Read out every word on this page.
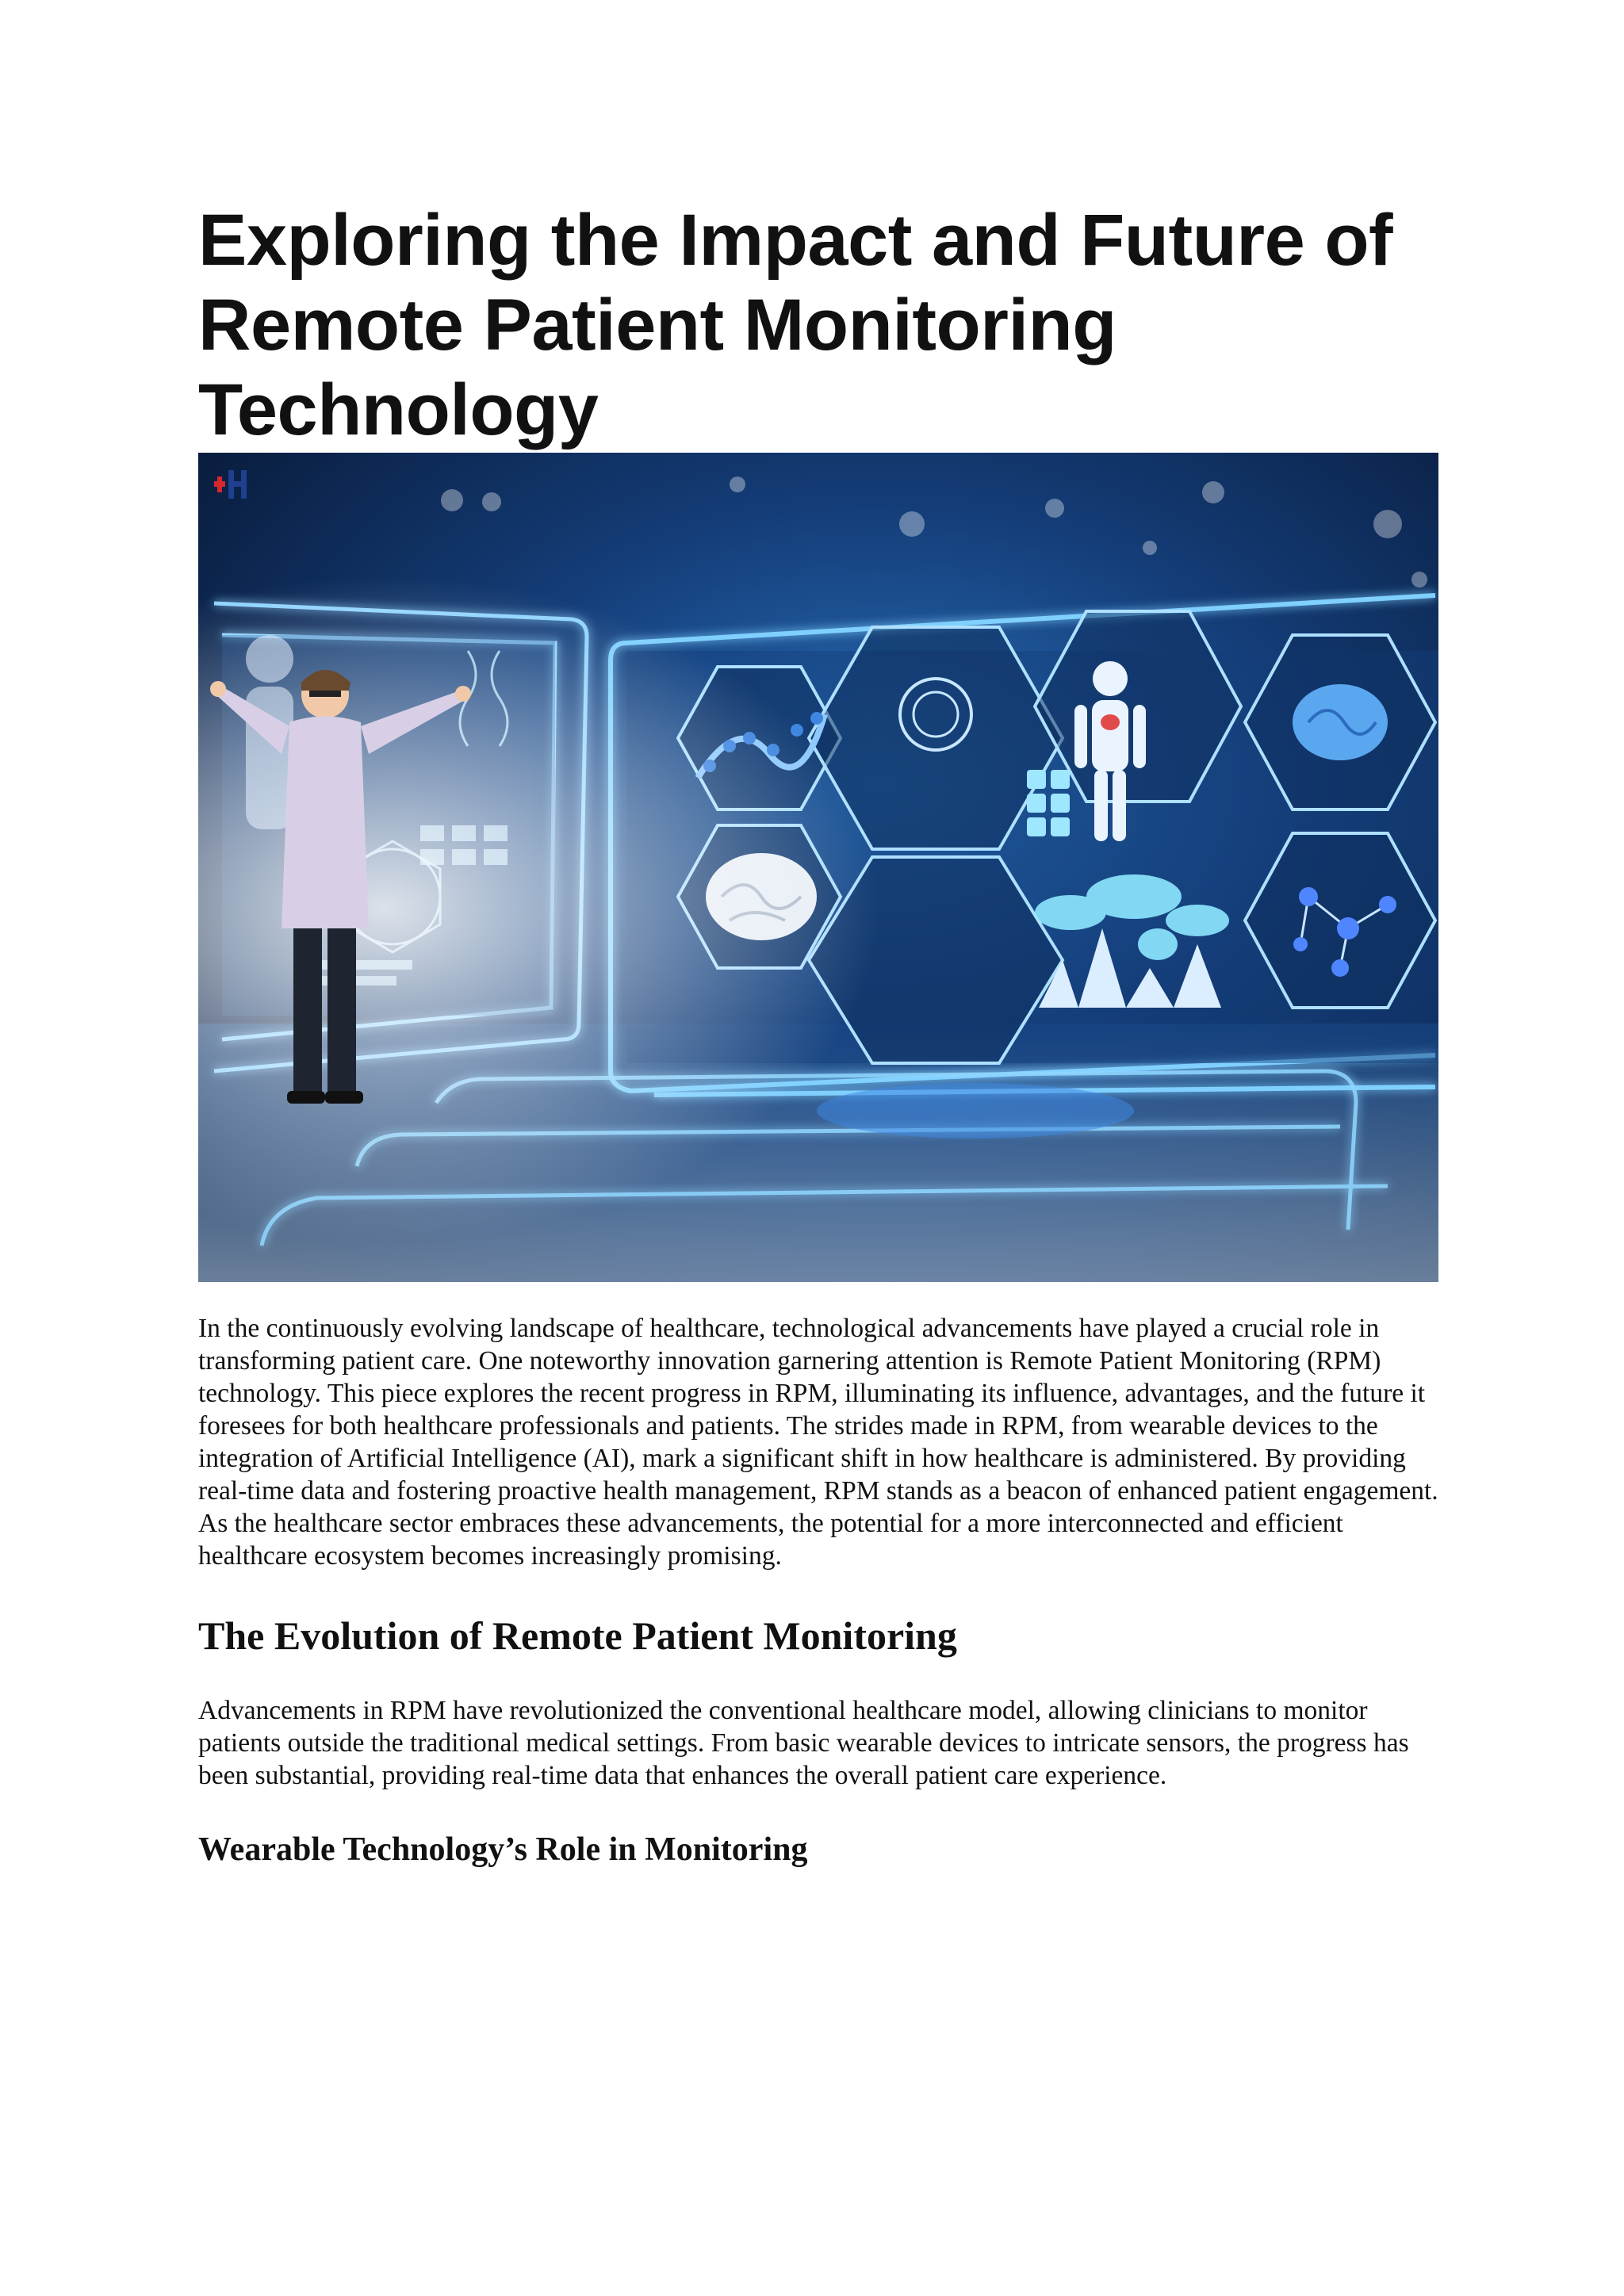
Exploring the Impact and Future of Remote Patient Monitoring Technology

In the continuously evolving landscape of healthcare, technological advancements have played a crucial role in transforming patient care. One noteworthy innovation garnering attention is Remote Patient Monitoring (RPM) technology. This piece explores the recent progress in RPM, illuminating its influence, advantages, and the future it foresees for both healthcare professionals and patients. The strides made in RPM, from wearable devices to the integration of Artificial Intelligence (AI), mark a significant shift in how healthcare is administered. By providing real-time data and fostering proactive health management, RPM stands as a beacon of enhanced patient engagement. As the healthcare sector embraces these advancements, the potential for a more interconnected and efficient healthcare ecosystem becomes increasingly promising.

The Evolution of Remote Patient Monitoring

Advancements in RPM have revolutionized the conventional healthcare model, allowing clinicians to monitor patients outside the traditional medical settings. From basic wearable devices to intricate sensors, the progress has been substantial, providing real-time data that enhances the overall patient care experience.

Wearable Technology’s Role in Monitoring
